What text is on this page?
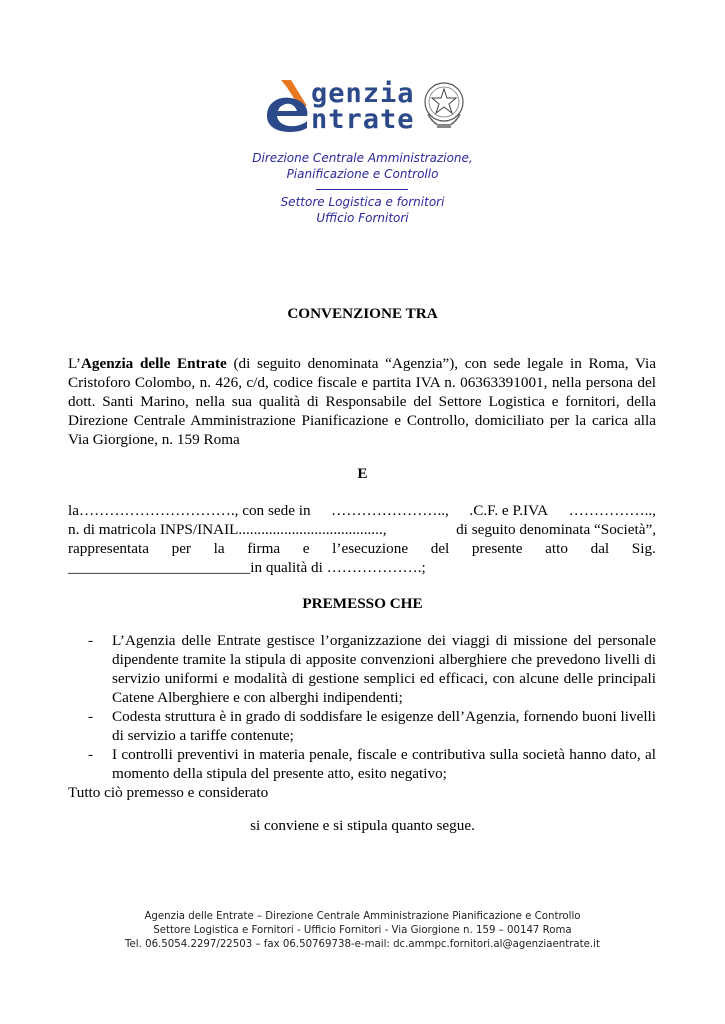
genzia
ntrate
Direzione Centrale Amministrazione,
Pianificazione e Controllo
Settore Logistica e fornitori
Ufficio Fornitori
CONVENZIONE TRA
L’Agenzia delle Entrate (di seguito denominata “Agenzia”), con sede legale in Roma, Via Cristoforo Colombo, n. 426, c/d, codice fiscale e partita IVA n. 06363391001, nella persona del dott. Santi Marino, nella sua qualità di Responsabile del Settore Logistica e fornitori, della Direzione Centrale Amministrazione Pianificazione e Controllo, domiciliato per la carica alla Via Giorgione, n. 159 Roma
E
la…………………………., con sede in ………………….., .C.F. e P.IVA ……………..,
n. di matricola INPS/INAIL......................................,	di seguito denominata “Società”,
rappresentata per la firma e l’esecuzione del presente atto dal Sig.
________________________in qualità di ……………….;
PREMESSO CHE
- L’Agenzia delle Entrate gestisce l’organizzazione dei viaggi di missione del personale dipendente tramite la stipula di apposite convenzioni alberghiere che prevedono livelli di servizio uniformi e modalità di gestione semplici ed efficaci, con alcune delle principali Catene Alberghiere e con alberghi indipendenti;
- Codesta struttura è in grado di soddisfare le esigenze dell’Agenzia, fornendo buoni livelli di servizio a tariffe contenute;
- I controlli preventivi in materia penale, fiscale e contributiva sulla società hanno dato, al momento della stipula del presente atto, esito negativo;
Tutto ciò premesso e considerato
si conviene e si stipula quanto segue.
Agenzia delle Entrate – Direzione Centrale Amministrazione Pianificazione e Controllo
Settore Logistica e Fornitori - Ufficio Fornitori - Via Giorgione n. 159 – 00147 Roma
Tel. 06.5054.2297/22503 – fax 06.50769738-e-mail: dc.ammpc.fornitori.al@agenziaentrate.it
